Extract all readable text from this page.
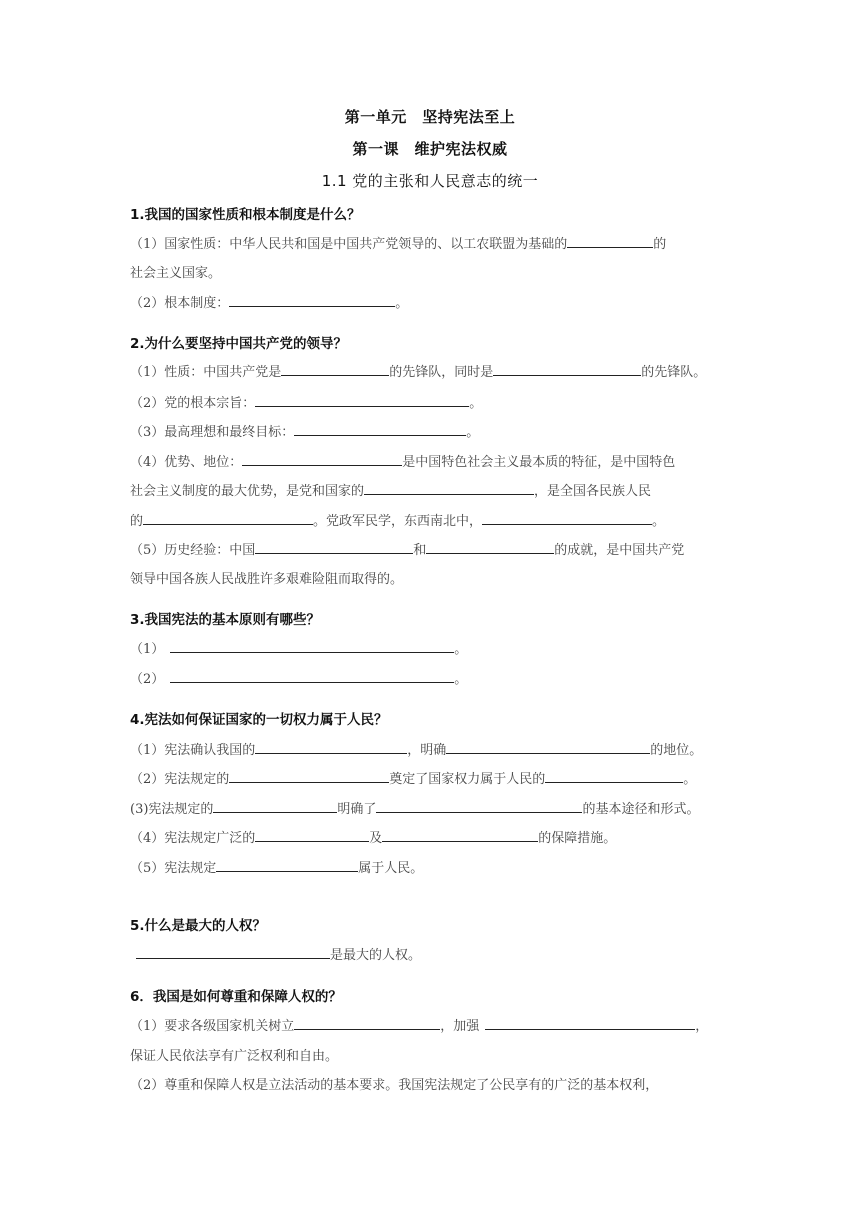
第一单元　坚持宪法至上
第一课　维护宪法权威
1.1 党的主张和人民意志的统一
1.我国的国家性质和根本制度是什么？
（1）国家性质：中华人民共和国是中国共产党领导的、以工农联盟为基础的	的
社会主义国家。
（2）根本制度：	。
2.为什么要坚持中国共产党的领导？
（1）性质：中国共产党是	的先锋队，同时是	的先锋队。
（2）党的根本宗旨：	。
（3）最高理想和最终目标：	。
（4）优势、地位：	是中国特色社会主义最本质的特征，是中国特色
社会主义制度的最大优势，是党和国家的	，是全国各民族人民
的	。党政军民学，东西南北中，	。
（5）历史经验：中国	和	的成就，是中国共产党
领导中国各族人民战胜许多艰难险阻而取得的。
3.我国宪法的基本原则有哪些？
（1）	。
（2）	。
4.宪法如何保证国家的一切权力属于人民？
（1）宪法确认我国的	，明确	的地位。
（2）宪法规定的	奠定了国家权力属于人民的	。
(3)宪法规定的	明确了	的基本途径和形式。
（4）宪法规定广泛的	及	的保障措施。
（5）宪法规定	属于人民。
5.什么是最大的人权？
是最大的人权。
6．我国是如何尊重和保障人权的？
（1）要求各级国家机关树立	，加强	，
保证人民依法享有广泛权利和自由。
（2）尊重和保障人权是立法活动的基本要求。我国宪法规定了公民享有的广泛的基本权利，
